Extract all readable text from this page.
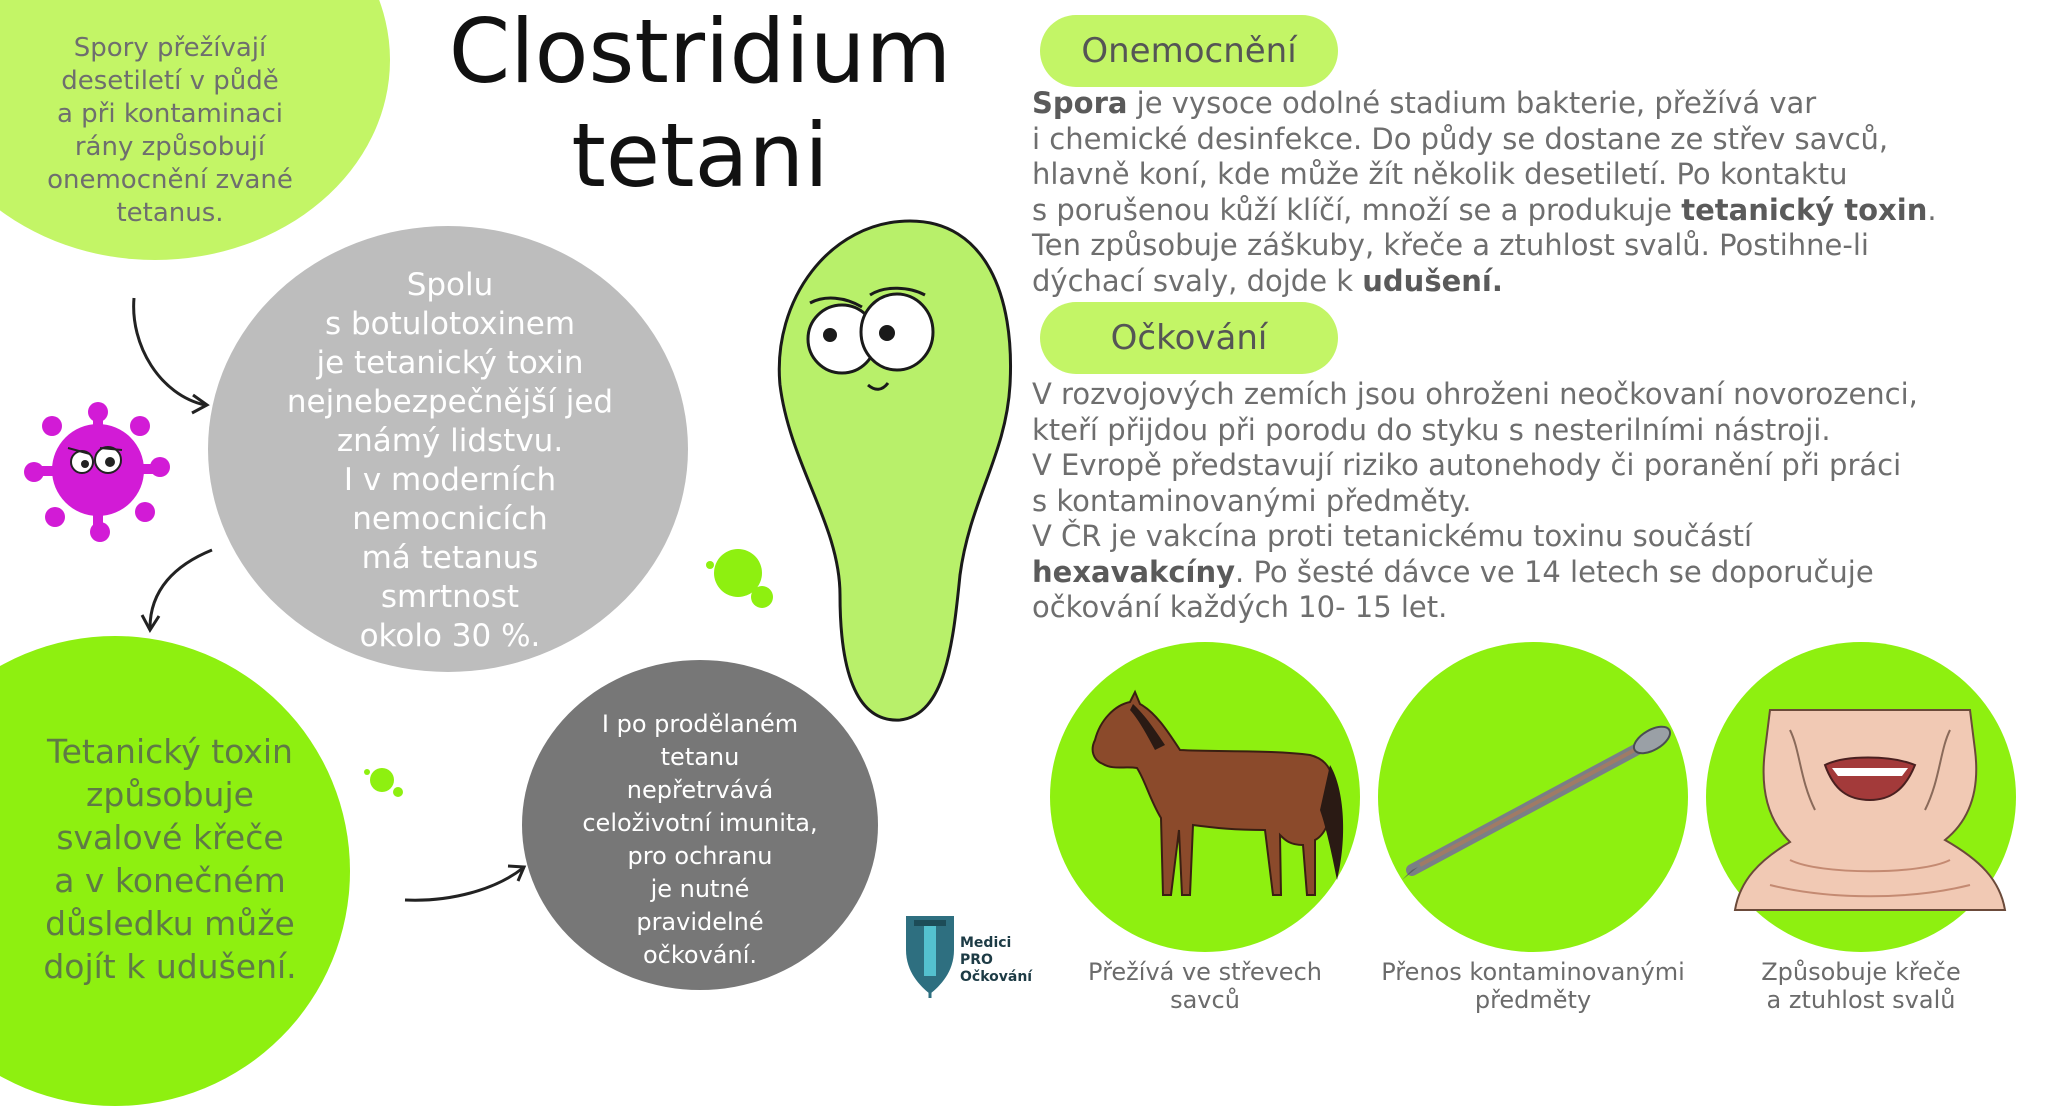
Spory přežívají
desetiletí v půdě
a při kontaminaci
rány způsobují
onemocnění zvané
tetanus.
Spolu
s botulotoxinem
je tetanický toxin
nejnebezpečnější jed
známý lidstvu.
I v moderních
nemocnicích
má tetanus
smrtnost
okolo 30 %.
Tetanický toxin
způsobuje
svalové křeče
a v konečném
důsledku může
dojít k udušení.
I po prodělaném
tetanu
nepřetrvává
celoživotní imunita,
pro ochranu
je nutné
pravidelné
očkování.
Clostridium
tetani
Onemocnění
Spora je vysoce odolné stadium bakterie, přežívá var
i chemické desinfekce. Do půdy se dostane ze střev savců,
hlavně koní, kde může žít několik desetiletí. Po kontaktu
s porušenou kůží klíčí, množí se a produkuje tetanický toxin.
Ten způsobuje záškuby, křeče a ztuhlost svalů. Postihne-li
dýchací svaly, dojde k udušení.
Očkování
V rozvojových zemích jsou ohroženi neočkovaní novorozenci,
kteří přijdou při porodu do styku s nesterilními nástroji.
V Evropě představují riziko autonehody či poranění při práci
s kontaminovanými předměty.
V ČR je vakcína proti tetanickému toxinu součástí
hexavakcíny. Po šesté dávce ve 14 letech se doporučuje
očkování každých 10- 15 let.
Přežívá ve střevech
savců
Přenos kontaminovanými
předměty
Způsobuje křeče
a ztuhlost svalů
Medici
PRO
Očkování
